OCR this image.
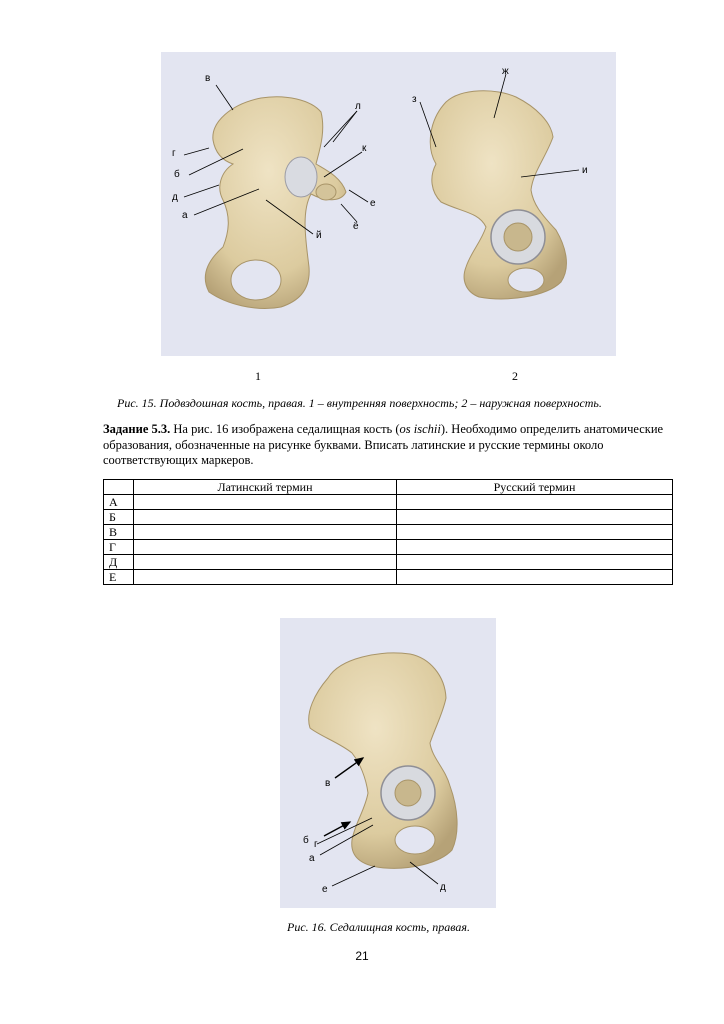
в
г
б
д
а
л
к
е
ё
й
з
ж
и
1	2
Рис. 15. Подвздошная кость, правая. 1 – внутренняя поверхность; 2 – наружная поверхность.
Задание 5.3. На рис. 16 изображена седалищная кость (os ischii). Необходимо определить анатомические образования, обозначенные на рисунке буквами. Вписать латинские и русские термины около соответствующих маркеров.
	Латинский термин	Русский термин
А		
Б		
В		
Г		
Д		
Е		
в
б г
а
е	д
Рис. 16. Седалищная кость, правая.
21
